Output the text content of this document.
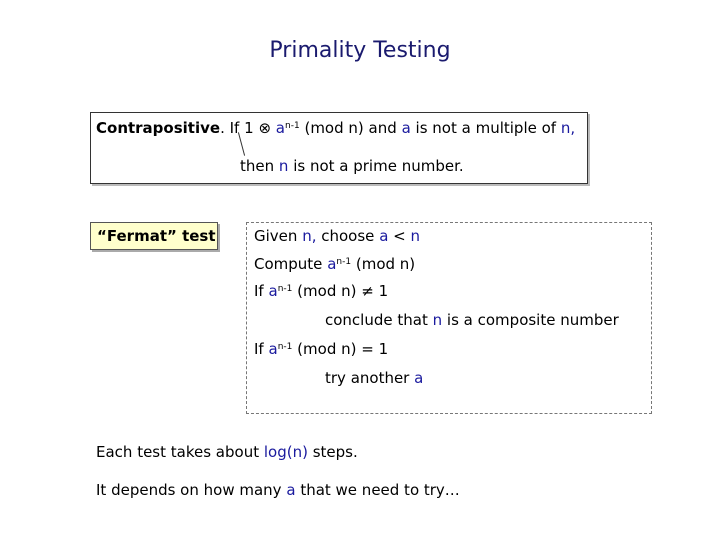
Primality Testing
Contrapositive. If 1 ⊗ $a^{n-1}$ (mod n) and a is not a multiple of n,
then n is not a prime number.
“Fermat” test	Given n, choose a < n
Compute $a^{n-1}$ (mod n)
If $a^{n-1}$ (mod n) ≠ 1
conclude that n is a composite number
If $a^{n-1}$ (mod n) = 1
try another a
Each test takes about log(n) steps.
It depends on how many a that we need to try…
